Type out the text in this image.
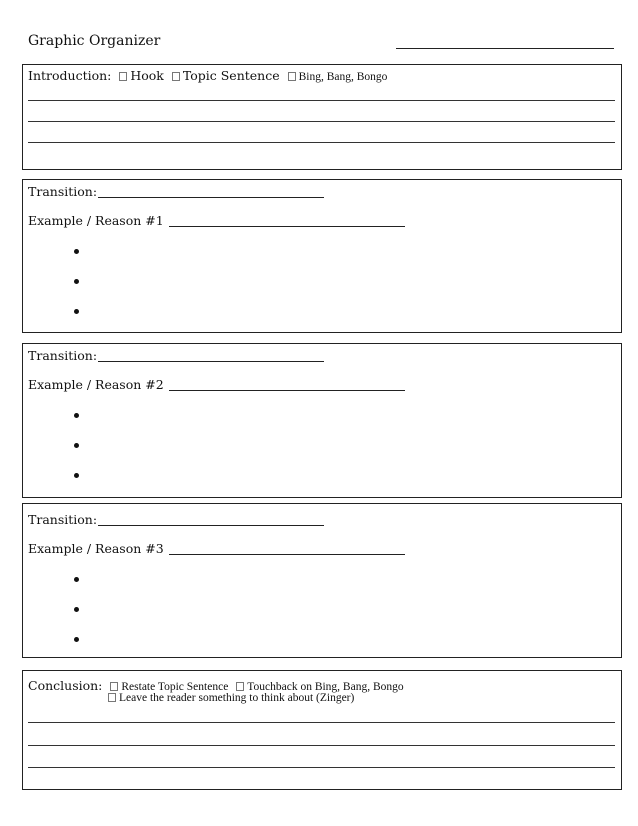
Graphic Organizer
Introduction: Hook Topic Sentence Bing, Bang, Bongo
Transition:
Example / Reason #1
Transition:
Example / Reason #2
Transition:
Example / Reason #3
Conclusion: Restate Topic Sentence Touchback on Bing, Bang, Bongo
Leave the reader something to think about (Zinger)
